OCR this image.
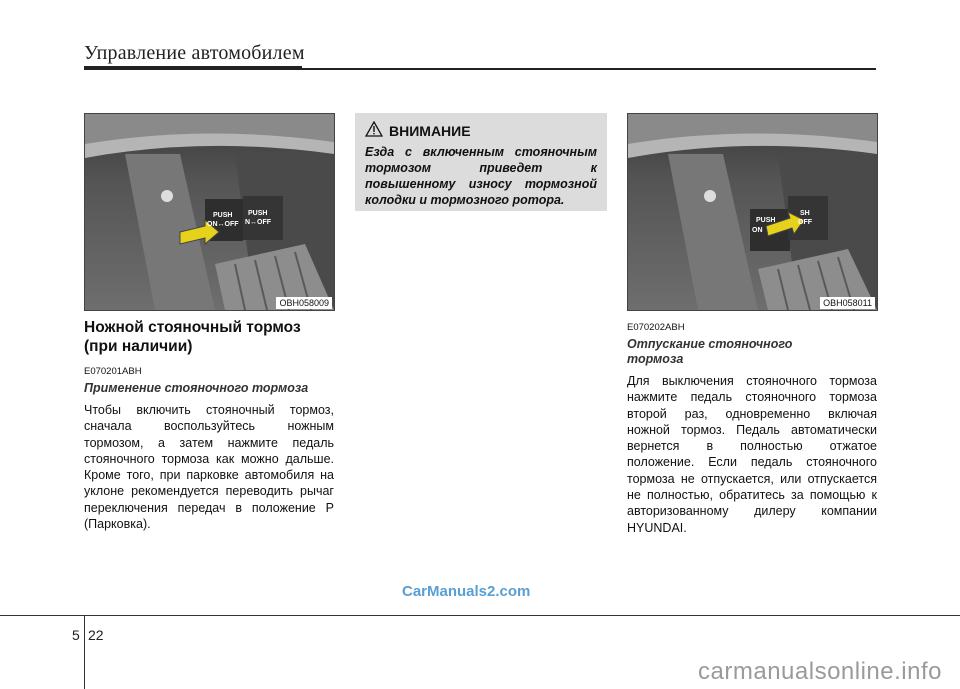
Управление автомобилем
PUSH
ON↔OFF
PUSH
N↔OFF
OBH058009

Ножной стояночный тормоз
(при наличии)

E070201ABH

Применение стояночного тормоза

Чтобы включить стояночный тормоз, сначала воспользуйтесь ножным тормозом, а затем нажмите педаль стояночного тормоза как можно дальше. Кроме того, при парковке автомобиля на уклоне рекомендуется переводить рычаг переключения передач в положение P (Парковка).

ВНИМАНИЕ

Езда с включенным стояночным тормозом приведет к повышенному износу тормозной колодки и тормозного ротора.

PUSH
ON
SH
OFF
OBH058011

E070202ABH

Отпускание стояночного
тормоза

Для выключения стояночного тормоза нажмите педаль стояночного тормоза второй раз, одновременно включая ножной тормоз. Педаль автоматически вернется в полностью отжатое положение. Если педаль стояночного тормоза не отпускается, или отпускается не полностью, обратитесь за помощью к авторизованному дилеру компании HYUNDAI.

CarManuals2.com
5 22
carmanualsonline.info
